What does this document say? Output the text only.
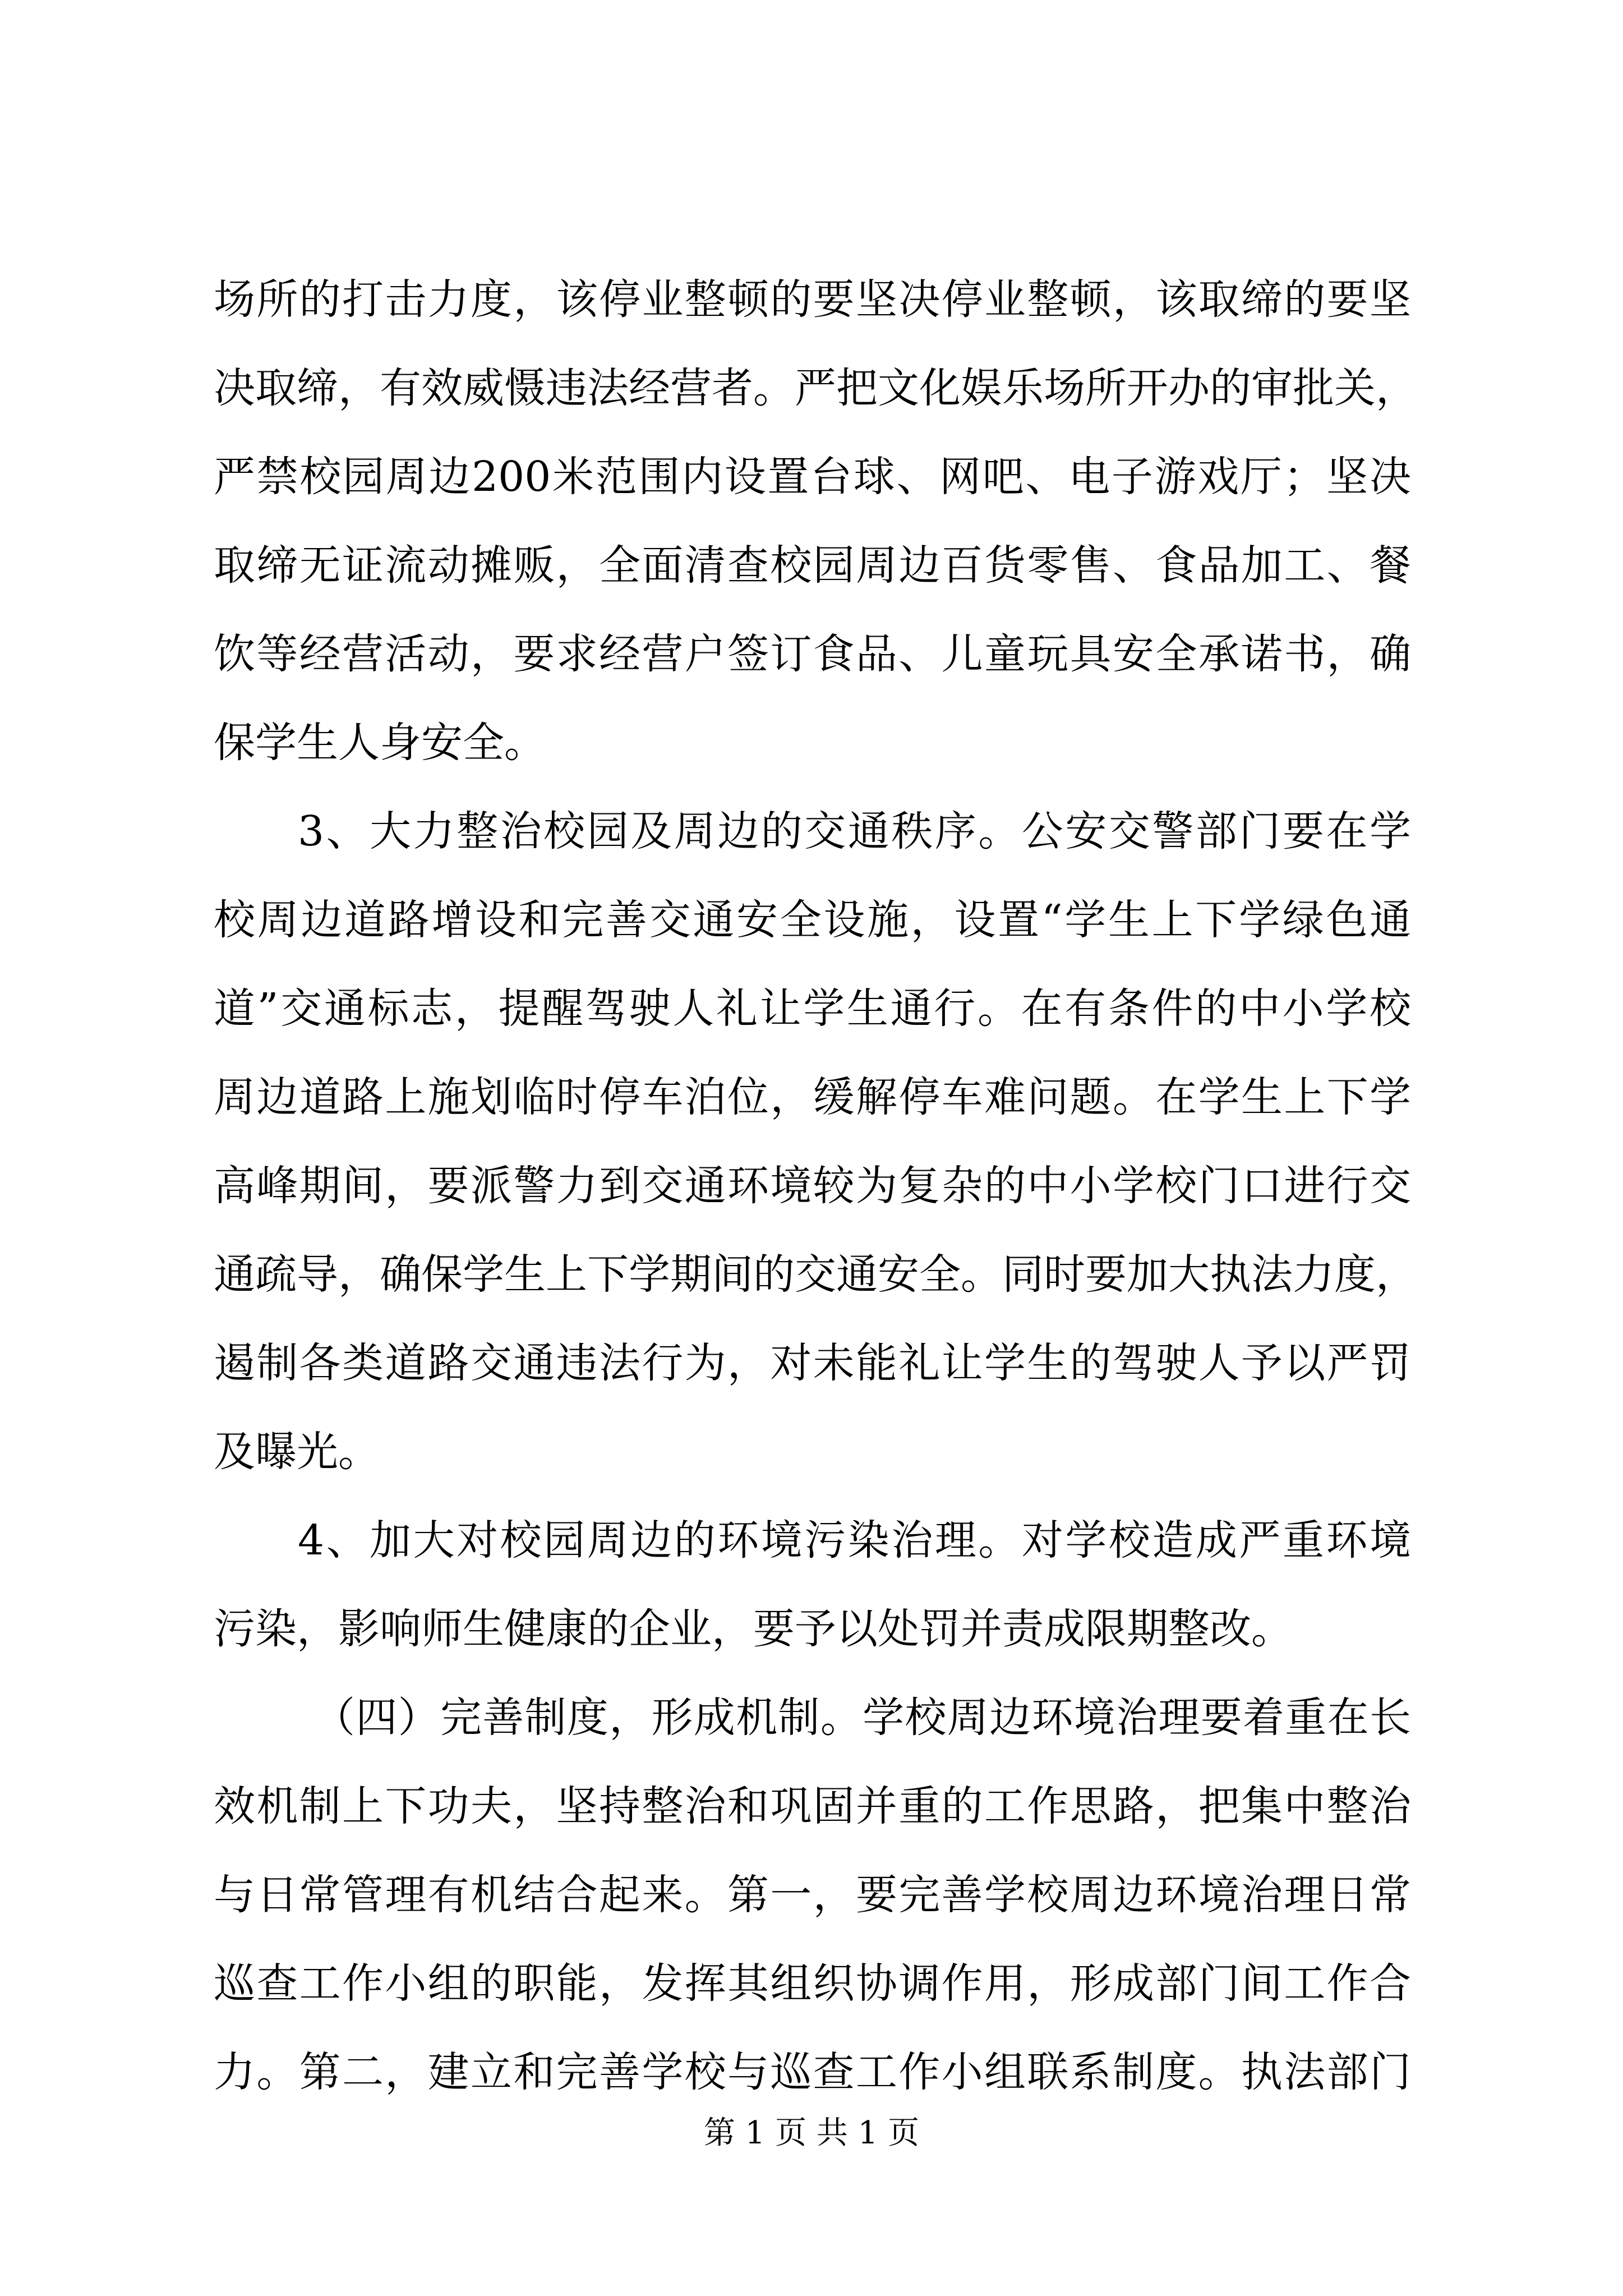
场所的打击力度，该停业整顿的要坚决停业整顿，该取缔的要坚
决取缔，有效威慑违法经营者。严把文化娱乐场所开办的审批关，
严禁校园周边200米范围内设置台球、网吧、电子游戏厅；坚决
取缔无证流动摊贩，全面清查校园周边百货零售、食品加工、餐
饮等经营活动，要求经营户签订食品、儿童玩具安全承诺书，确
保学生人身安全。
3、大力整治校园及周边的交通秩序。公安交警部门要在学
校周边道路增设和完善交通安全设施，设置“学生上下学绿色通
道”交通标志，提醒驾驶人礼让学生通行。在有条件的中小学校
周边道路上施划临时停车泊位，缓解停车难问题。在学生上下学
高峰期间，要派警力到交通环境较为复杂的中小学校门口进行交
通疏导，确保学生上下学期间的交通安全。同时要加大执法力度，
遏制各类道路交通违法行为，对未能礼让学生的驾驶人予以严罚
及曝光。
4、加大对校园周边的环境污染治理。对学校造成严重环境
污染，影响师生健康的企业，要予以处罚并责成限期整改。
（四）完善制度，形成机制。学校周边环境治理要着重在长
效机制上下功夫，坚持整治和巩固并重的工作思路，把集中整治
与日常管理有机结合起来。第一，要完善学校周边环境治理日常
巡查工作小组的职能，发挥其组织协调作用，形成部门间工作合
力。第二，建立和完善学校与巡查工作小组联系制度。执法部门
第 1 页 共 1 页
